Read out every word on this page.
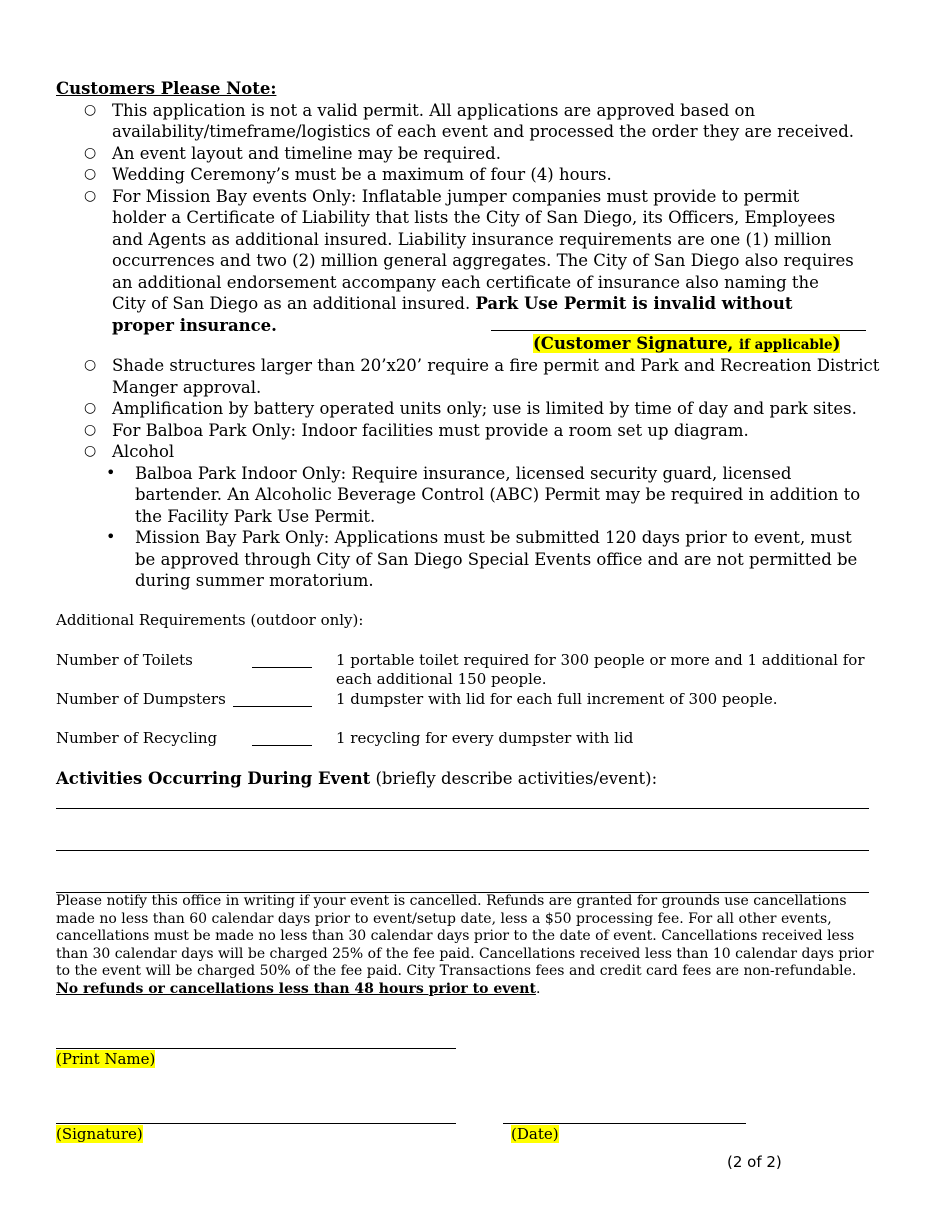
Customers Please Note:
○ This application is not a valid permit. All applications are approved based on availability/timeframe/logistics of each event and processed the order they are received.
○ An event layout and timeline may be required.
○ Wedding Ceremony’s must be a maximum of four (4) hours.
○ For Mission Bay events Only: Inflatable jumper companies must provide to permit holder a Certificate of Liability that lists the City of San Diego, its Officers, Employees and Agents as additional insured. Liability insurance requirements are one (1) million occurrences and two (2) million general aggregates. The City of San Diego also requires an additional endorsement accompany each certificate of insurance also naming the City of San Diego as an additional insured. Park Use Permit is invalid without proper insurance.
(Customer Signature, if applicable)
○ Shade structures larger than 20’x20’ require a fire permit and Park and Recreation District Manger approval.
○ Amplification by battery operated units only; use is limited by time of day and park sites.
○ For Balboa Park Only: Indoor facilities must provide a room set up diagram.
○ Alcohol
• Balboa Park Indoor Only: Require insurance, licensed security guard, licensed bartender. An Alcoholic Beverage Control (ABC) Permit may be required in addition to the Facility Park Use Permit.
• Mission Bay Park Only: Applications must be submitted 120 days prior to event, must be approved through City of San Diego Special Events office and are not permitted be during summer moratorium.
Additional Requirements (outdoor only):
Number of Toilets	1 portable toilet required for 300 people or more and 1 additional for each additional 150 people.
Number of Dumpsters	1 dumpster with lid for each full increment of 300 people.
Number of Recycling	1 recycling for every dumpster with lid
Activities Occurring During Event (briefly describe activities/event):
Please notify this office in writing if your event is cancelled. Refunds are granted for grounds use cancellations made no less than 60 calendar days prior to event/setup date, less a $50 processing fee. For all other events, cancellations must be made no less than 30 calendar days prior to the date of event. Cancellations received less than 30 calendar days will be charged 25% of the fee paid. Cancellations received less than 10 calendar days prior to the event will be charged 50% of the fee paid. City Transactions fees and credit card fees are non-refundable.
No refunds or cancellations less than 48 hours prior to event.
(Print Name)
(Signature)	(Date)
(2 of 2)
